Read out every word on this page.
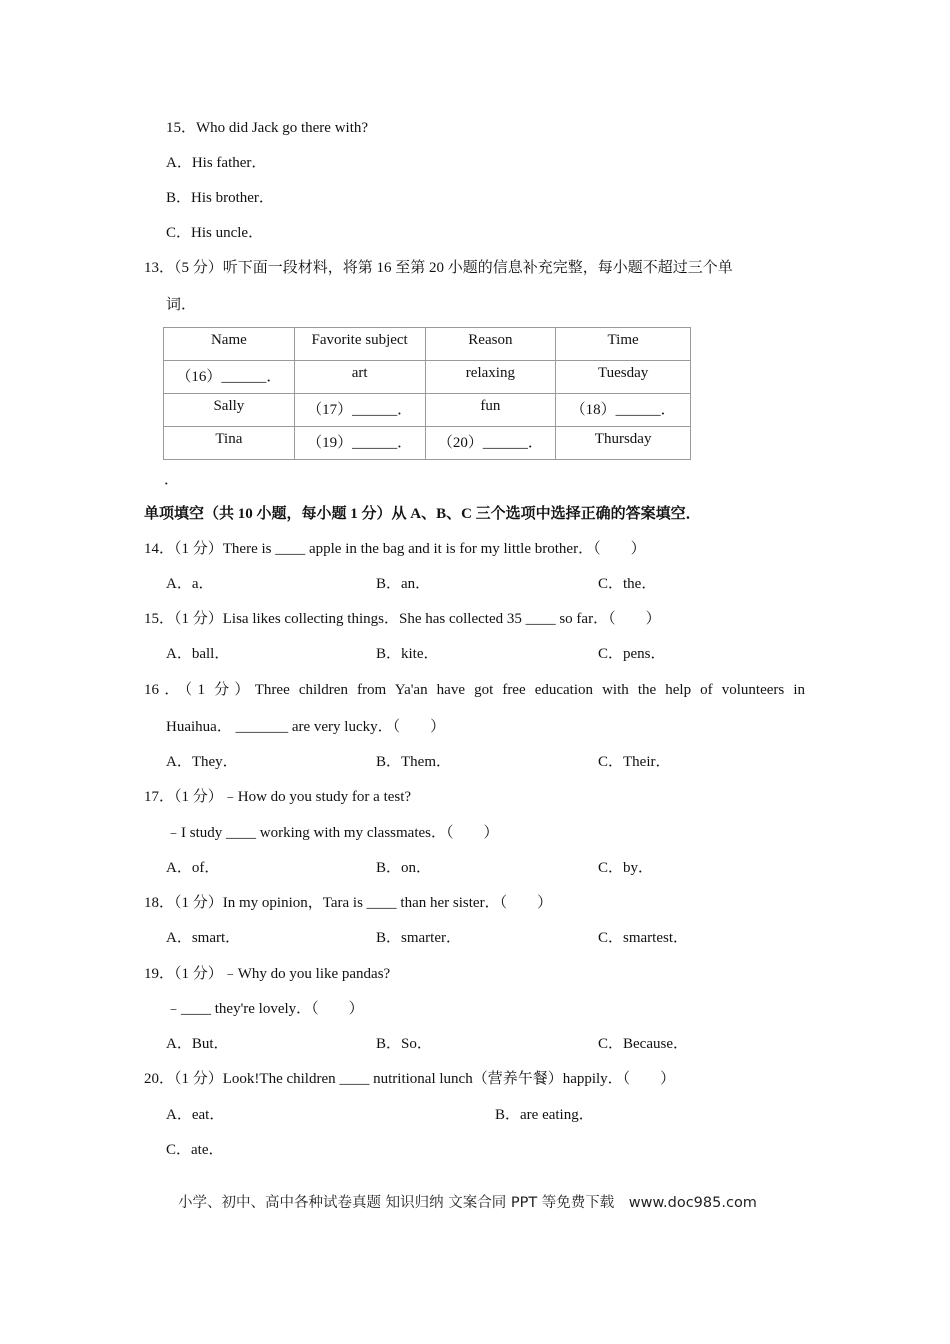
15．Who did Jack go there with?
A．His father．
B．His brother．
C．His uncle．
13．（5 分）听下面一段材料，将第 16 至第 20 小题的信息补充完整，每小题不超过三个单
词．
Name	Favorite subject	Reason	Time
（16）______．	art	relaxing	Tuesday
Sally	（17）______．	fun	（18）______．
Tina	（19）______．	（20）______．	Thursday
．
单项填空（共 10 小题，每小题 1 分）从 A、B、C 三个选项中选择正确的答案填空．
14．（1 分）There is ____ apple in the bag and it is for my little brother．（　　）
A．a．	B．an．	C．the．
15．（1 分）Lisa likes collecting things．She has collected 35 ____ so far．（　　）
A．ball．	B．kite．	C．pens．
16．（1 分）Three children from Ya'an have got free education with the help of volunteers in
Huaihua． _______ are very lucky．（　　）
A．They．	B．Them．	C．Their．
17．（1 分）﹣How do you study for a test?
﹣I study ____ working with my classmates．（　　）
A．of．	B．on．	C．by．
18．（1 分）In my opinion，Tara is ____ than her sister．（　　）
A．smart．	B．smarter．	C．smartest．
19．（1 分）﹣Why do you like pandas?
﹣____ they're lovely．（　　）
A．But．	B．So．	C．Because．
20．（1 分）Look!The children ____ nutritional lunch（营养午餐）happily．（　　）
A．eat．	B．are eating．
C．ate．
小学、初中、高中各种试卷真题 知识归纳 文案合同 PPT 等免费下载　www.doc985.com
